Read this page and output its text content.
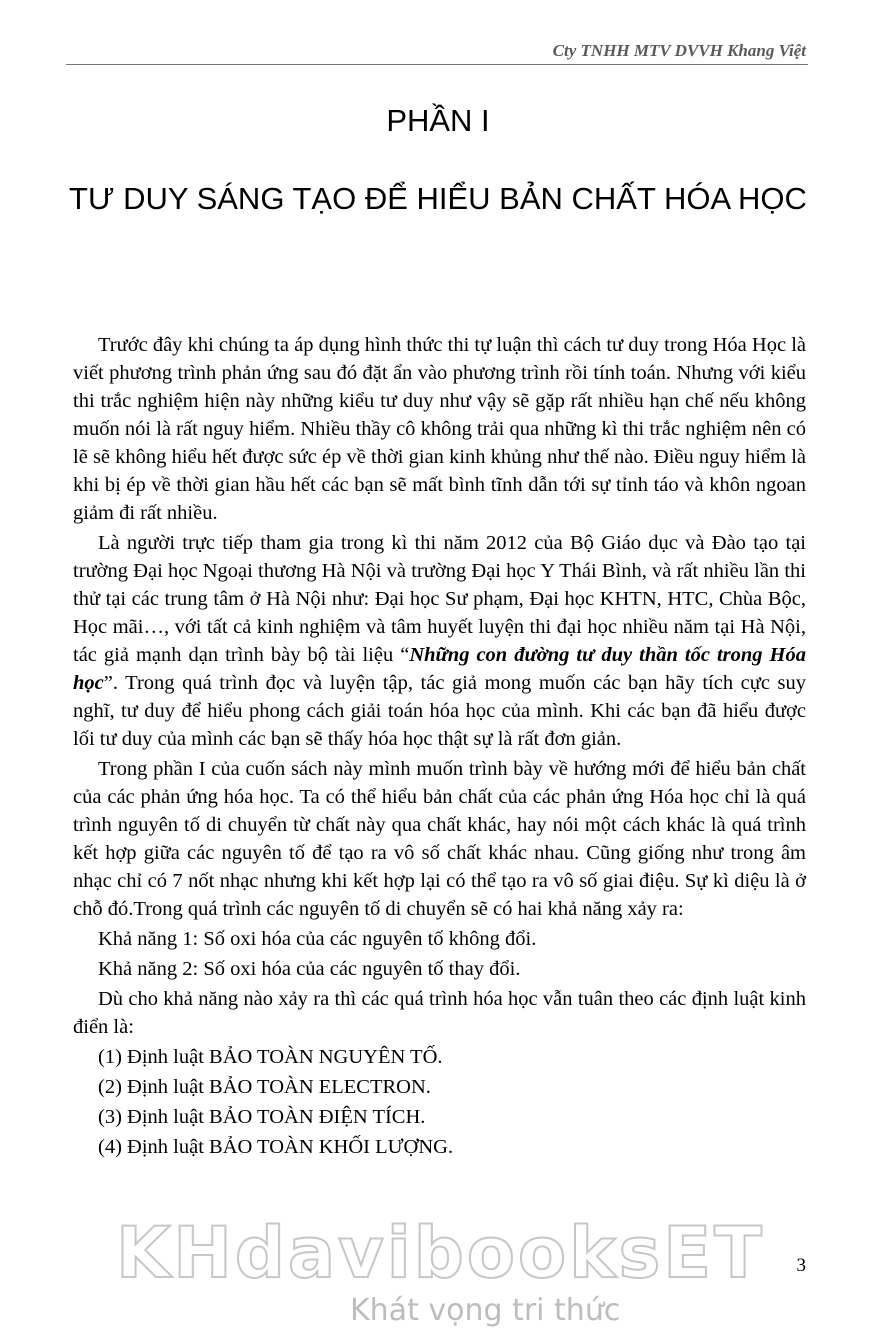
Cty TNHH MTV DVVH Khang Việt
PHẦN I
TƯ DUY SÁNG TẠO ĐỂ HIỂU BẢN CHẤT HÓA HỌC

Trước đây khi chúng ta áp dụng hình thức thi tự luận thì cách tư duy trong Hóa Học là viết phương trình phản ứng sau đó đặt ẩn vào phương trình rồi tính toán. Nhưng với kiểu thi trắc nghiệm hiện này những kiểu tư duy như vậy sẽ gặp rất nhiều hạn chế nếu không muốn nói là rất nguy hiểm. Nhiều thầy cô không trải qua những kì thi trắc nghiệm nên có lẽ sẽ không hiểu hết được sức ép về thời gian kinh khủng như thế nào. Điều nguy hiểm là khi bị ép về thời gian hầu hết các bạn sẽ mất bình tĩnh dẫn tới sự tỉnh táo và khôn ngoan giảm đi rất nhiều.

Là người trực tiếp tham gia trong kì thi năm 2012 của Bộ Giáo dục và Đào tạo tại trường Đại học Ngoại thương Hà Nội và trường Đại học Y Thái Bình, và rất nhiều lần thi thử tại các trung tâm ở Hà Nội như: Đại học Sư phạm, Đại học KHTN, HTC, Chùa Bộc, Học mãi…, với tất cả kinh nghiệm và tâm huyết luyện thi đại học nhiều năm tại Hà Nội, tác giả mạnh dạn trình bày bộ tài liệu “Những con đường tư duy thần tốc trong Hóa học”. Trong quá trình đọc và luyện tập, tác giả mong muốn các bạn hãy tích cực suy nghĩ, tư duy để hiểu phong cách giải toán hóa học của mình. Khi các bạn đã hiểu được lối tư duy của mình các bạn sẽ thấy hóa học thật sự là rất đơn giản.

Trong phần I của cuốn sách này mình muốn trình bày về hướng mới để hiểu bản chất của các phản ứng hóa học. Ta có thể hiểu bản chất của các phản ứng Hóa học chỉ là quá trình nguyên tố di chuyển từ chất này qua chất khác, hay nói một cách khác là quá trình kết hợp giữa các nguyên tố để tạo ra vô số chất khác nhau. Cũng giống như trong âm nhạc chỉ có 7 nốt nhạc nhưng khi kết hợp lại có thể tạo ra vô số giai điệu. Sự kì diệu là ở chỗ đó.Trong quá trình các nguyên tố di chuyển sẽ có hai khả năng xảy ra:

Khả năng 1: Số oxi hóa của các nguyên tố không đổi.

Khả năng 2: Số oxi hóa của các nguyên tố thay đổi.

Dù cho khả năng nào xảy ra thì các quá trình hóa học vẫn tuân theo các định luật kinh điển là:

(1) Định luật BẢO TOÀN NGUYÊN TỐ.

(2) Định luật BẢO TOÀN ELECTRON.

(3) Định luật BẢO TOÀN ĐIỆN TÍCH.

(4) Định luật BẢO TOÀN KHỐI LƯỢNG.

KHdavibooksET
Khát vọng tri thức
3
